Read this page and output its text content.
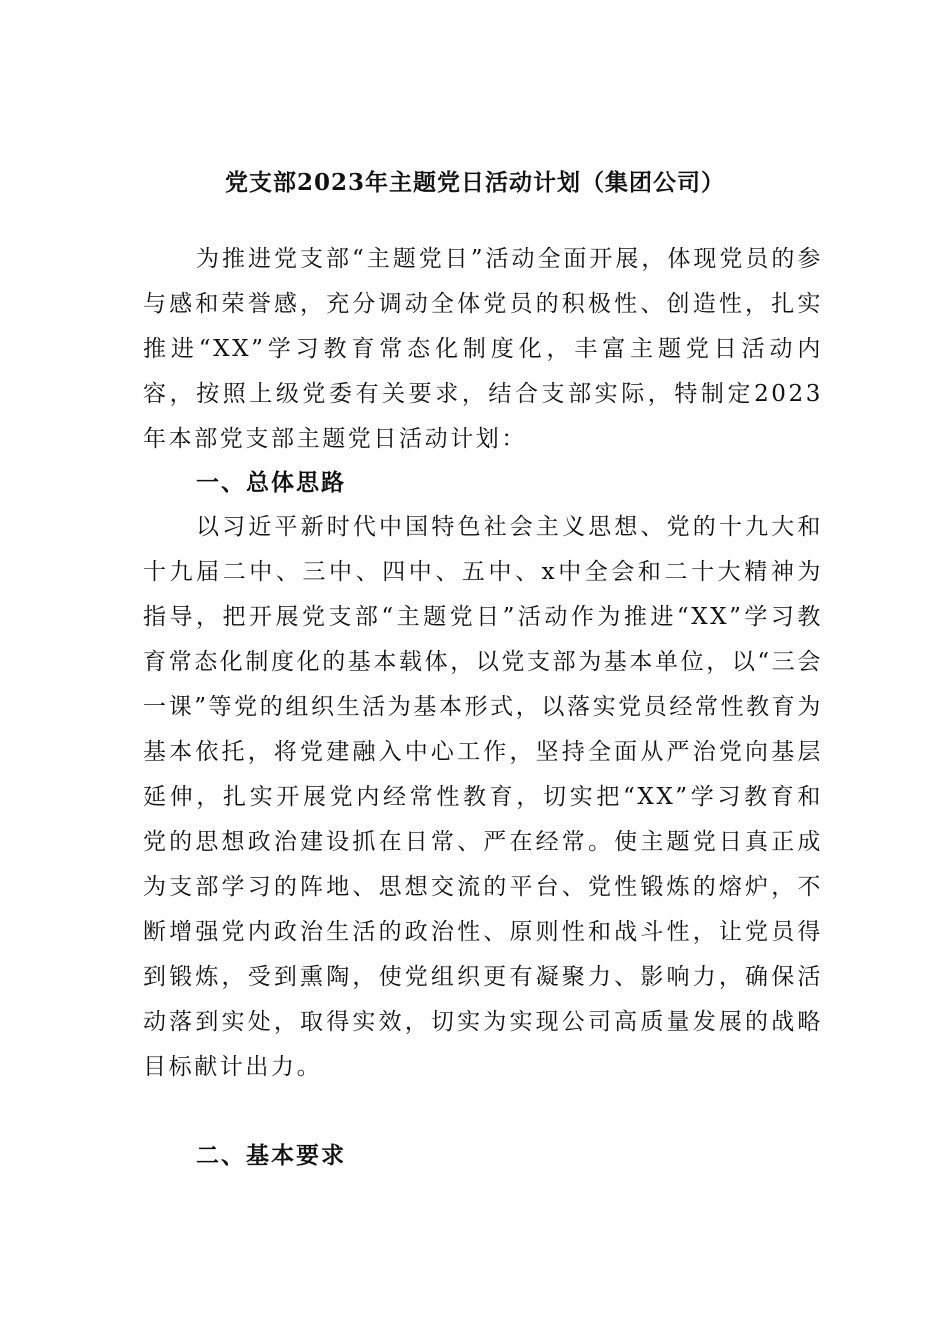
党支部2023年主题党日活动计划（集团公司）
为推进党支部“主题党日”活动全面开展，体现党员的参与感和荣誉感，充分调动全体党员的积极性、创造性，扎实推进“XX”学习教育常态化制度化，丰富主题党日活动内容，按照上级党委有关要求，结合支部实际，特制定2023年本部党支部主题党日活动计划：
一、总体思路
以习近平新时代中国特色社会主义思想、党的十九大和十九届二中、三中、四中、五中、x中全会和二十大精神为指导，把开展党支部“主题党日”活动作为推进“XX”学习教育常态化制度化的基本载体，以党支部为基本单位，以“三会一课”等党的组织生活为基本形式，以落实党员经常性教育为基本依托，将党建融入中心工作，坚持全面从严治党向基层延伸，扎实开展党内经常性教育，切实把“XX”学习教育和党的思想政治建设抓在日常、严在经常。使主题党日真正成为支部学习的阵地、思想交流的平台、党性锻炼的熔炉，不断增强党内政治生活的政治性、原则性和战斗性，让党员得到锻炼，受到熏陶，使党组织更有凝聚力、影响力，确保活动落到实处，取得实效，切实为实现公司高质量发展的战略目标献计出力。
二、基本要求
